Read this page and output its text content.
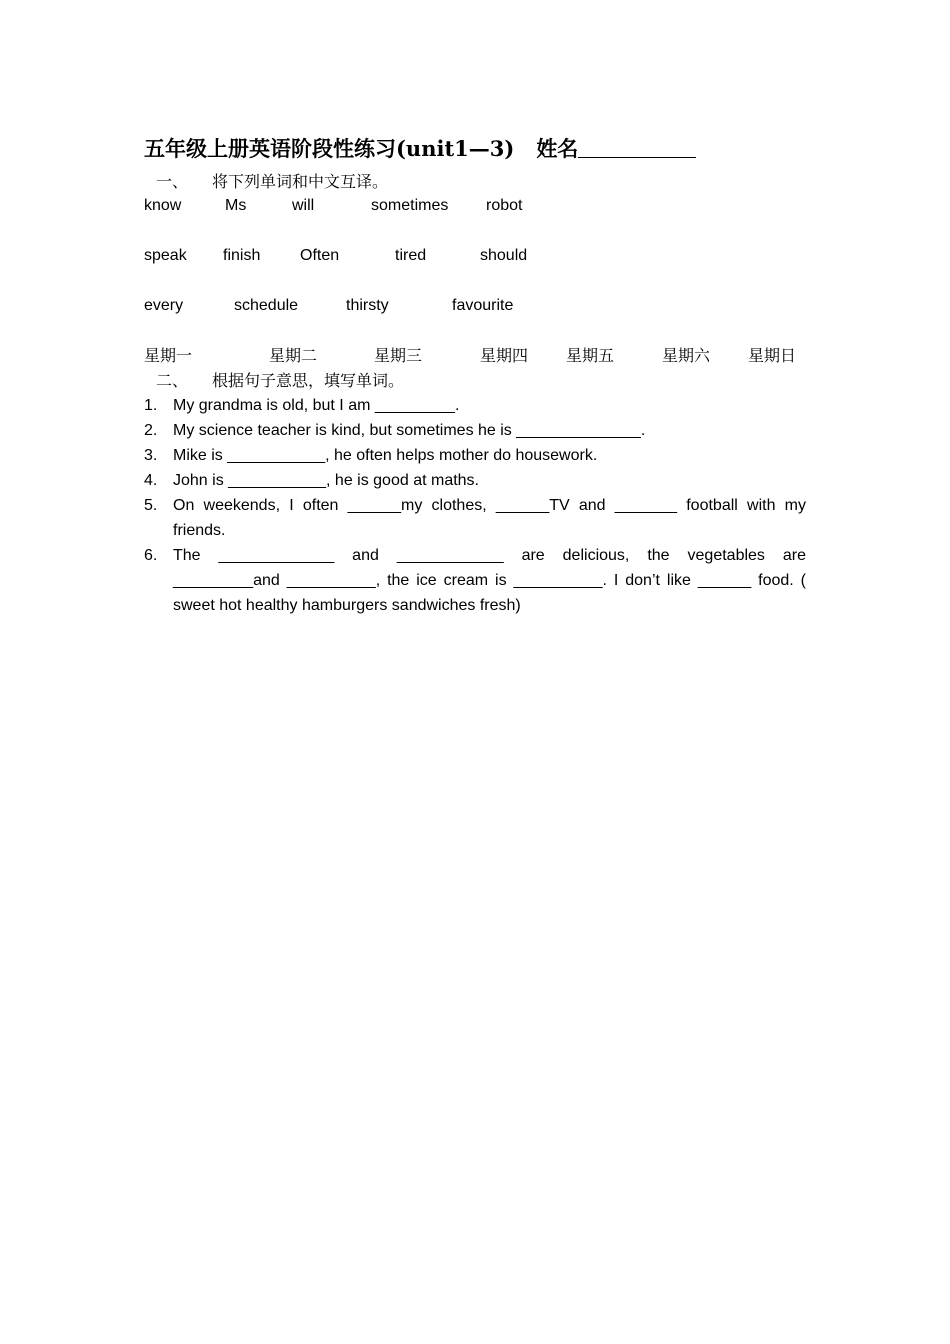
五年级上册英语阶段性练习(unit1—3) 姓名
一、 将下列单词和中文互译。
know	Ms	will	sometimes robot
speak finish Often	tired	should
every	schedule	thirsty	favourite
星期一	星期二	星期三	星期四 星期五	星期六 星期日
二、 根据句子意思，填写单词。
1. My grandma is old, but I am _________.
2. My science teacher is kind, but sometimes he is ______________.
3. Mike is ___________, he often helps mother do housework.
4. John is ___________, he is good at maths.
5. On weekends, I often ______my clothes, ______TV and _______ football with my friends.
6. The _____________ and ____________ are delicious, the vegetables are _________and __________, the ice cream is __________. I don’t like ______ food. ( sweet hot healthy hamburgers sandwiches fresh)
